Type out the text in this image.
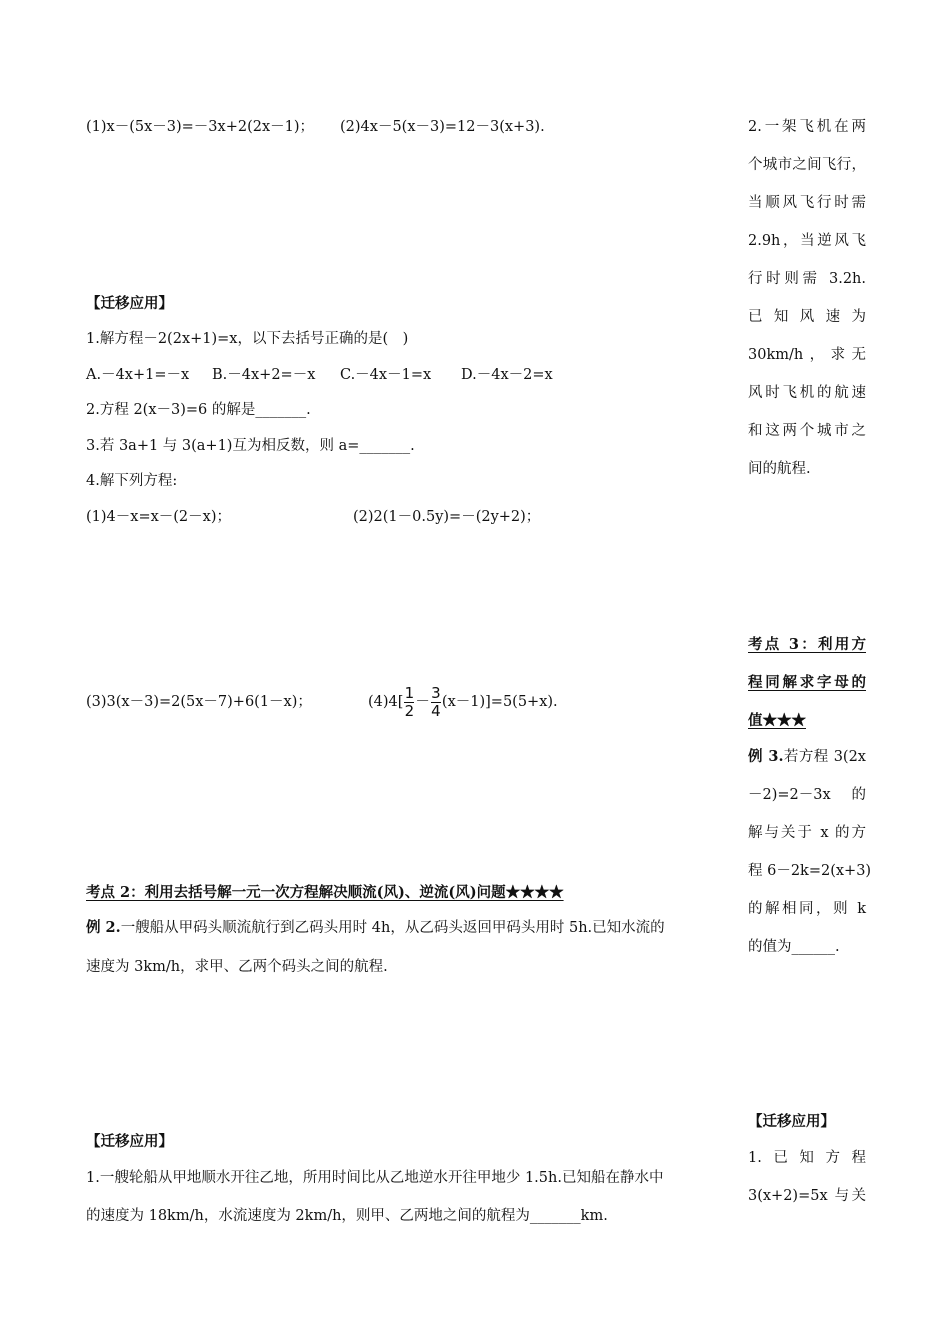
(1)x－(5x－3)=－3x+2(2x－1)； (2)4x－5(x－3)=12－3(x+3).
【迁移应用】
1.解方程－2(2x+1)=x，以下去括号正确的是(　)
A.－4x+1=－x B.－4x+2=－x C.－4x－1=x D.－4x－2=x
2.方程 2(x－3)=6 的解是_______.
3.若 3a+1 与 3(a+1)互为相反数，则 a=_______.
4.解下列方程:
(1)4－x=x－(2－x)；	(2)2(1－0.5y)=－(2y+2)；
(3)3(x－3)=2(5x－7)+6(1－x)；	$(4)4[ \frac{1}{2} - \frac{3}{4} (x-1)]=5(5+x)$.
考点 2：利用去括号解一元一次方程解决顺流(风)、逆流(风)问题★★★★
例 2.一艘船从甲码头顺流航行到乙码头用时 4h，从乙码头返回甲码头用时 5h.已知水流的
速度为 3km/h，求甲、乙两个码头之间的航程.
【迁移应用】
1.一艘轮船从甲地顺水开往乙地，所用时间比从乙地逆水开往甲地少 1.5h.已知船在静水中
的速度为 18km/h，水流速度为 2km/h，则甲、乙两地之间的航程为_______km.
2.一架飞机在两
个城市之间飞行，
当顺风飞行时需
2.9h，当逆风飞
行时则需 3.2h.
已知风速为
30km/h，求无
风时飞机的航速
和这两个城市之
间的航程.
考点 3：利用方
程同解求字母的
值★★★
例 3.若方程 3(2x
－2)=2－3x 的
解与关于 x 的方
程 6－2k=2(x+3)
的解相同，则 k
的值为______.
【迁移应用】
1.已知方程
3(x+2)=5x 与关
